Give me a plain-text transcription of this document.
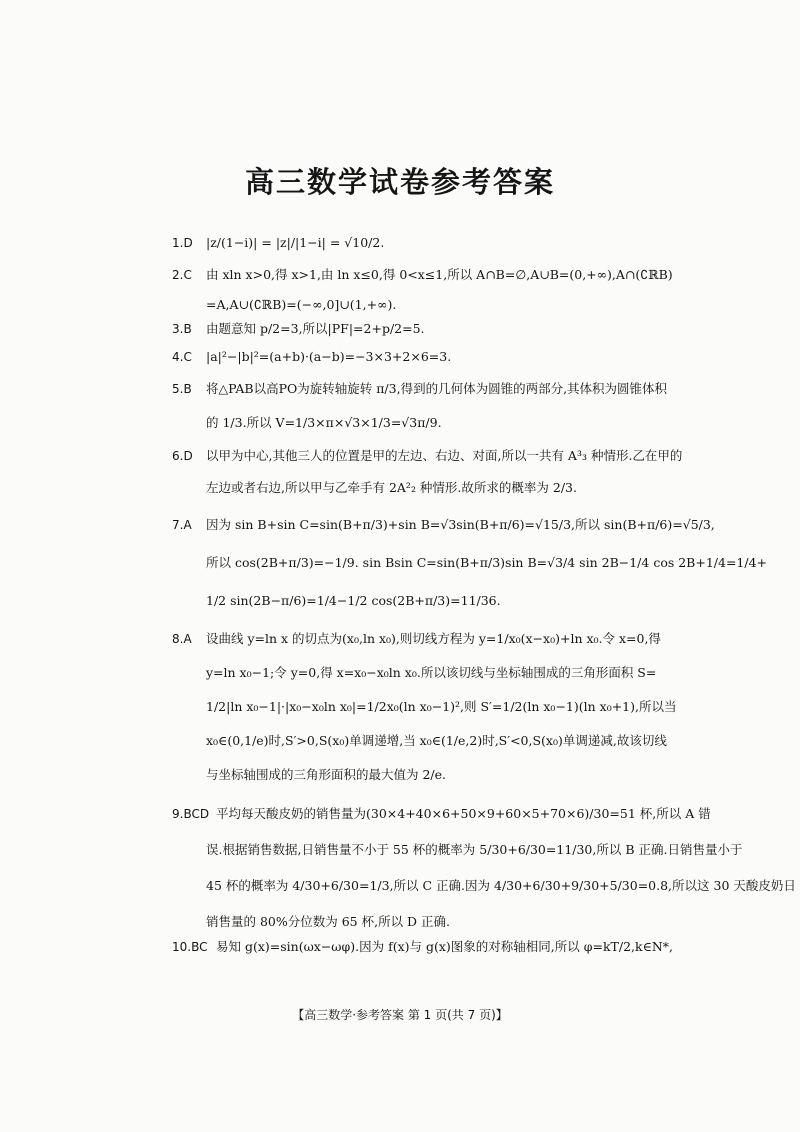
高三数学试卷参考答案
1.D |z/(1−i)| = |z|/|1−i| = √10/2.
2.C 由 xln x>0,得 x>1,由 ln x≤0,得 0<x≤1,所以 A∩B=∅,A∪B=(0,+∞),A∩(∁ℝB)
=A,A∪(∁ℝB)=(−∞,0]∪(1,+∞).
3.B 由题意知 p/2=3,所以|PF|=2+p/2=5.
4.C |a|²−|b|²=(a+b)·(a−b)=−3×3+2×6=3.
5.B 将△PAB以高PO为旋转轴旋转 π/3,得到的几何体为圆锥的两部分,其体积为圆锥体积
的 1/3.所以 V=1/3×π×√3×1/3=√3π/9.
6.D 以甲为中心,其他三人的位置是甲的左边、右边、对面,所以一共有 A³₃ 种情形.乙在甲的
左边或者右边,所以甲与乙牵手有 2A²₂ 种情形.故所求的概率为 2/3.
7.A 因为 sin B+sin C=sin(B+π/3)+sin B=√3sin(B+π/6)=√15/3,所以 sin(B+π/6)=√5/3,
所以 cos(2B+π/3)=−1/9. sin Bsin C=sin(B+π/3)sin B=√3/4 sin 2B−1/4 cos 2B+1/4=1/4+
1/2 sin(2B−π/6)=1/4−1/2 cos(2B+π/3)=11/36.
8.A 设曲线 y=ln x 的切点为(x₀,ln x₀),则切线方程为 y=1/x₀(x−x₀)+ln x₀.令 x=0,得
y=ln x₀−1;令 y=0,得 x=x₀−x₀ln x₀.所以该切线与坐标轴围成的三角形面积 S=
1/2|ln x₀−1|·|x₀−x₀ln x₀|=1/2x₀(ln x₀−1)²,则 S′=1/2(ln x₀−1)(ln x₀+1),所以当
x₀∈(0,1/e)时,S′>0,S(x₀)单调递增,当 x₀∈(1/e,2)时,S′<0,S(x₀)单调递减,故该切线
与坐标轴围成的三角形面积的最大值为 2/e.
9.BCD 平均每天酸皮奶的销售量为(30×4+40×6+50×9+60×5+70×6)/30=51 杯,所以 A 错
误.根据销售数据,日销售量不小于 55 杯的概率为 5/30+6/30=11/30,所以 B 正确.日销售量小于
45 杯的概率为 4/30+6/30=1/3,所以 C 正确.因为 4/30+6/30+9/30+5/30=0.8,所以这 30 天酸皮奶日
销售量的 80%分位数为 65 杯,所以 D 正确.
10.BC 易知 g(x)=sin(ωx−ωφ).因为 f(x)与 g(x)图象的对称轴相同,所以 φ=kT/2,k∈N*,
【高三数学·参考答案 第 1 页(共 7 页)】
